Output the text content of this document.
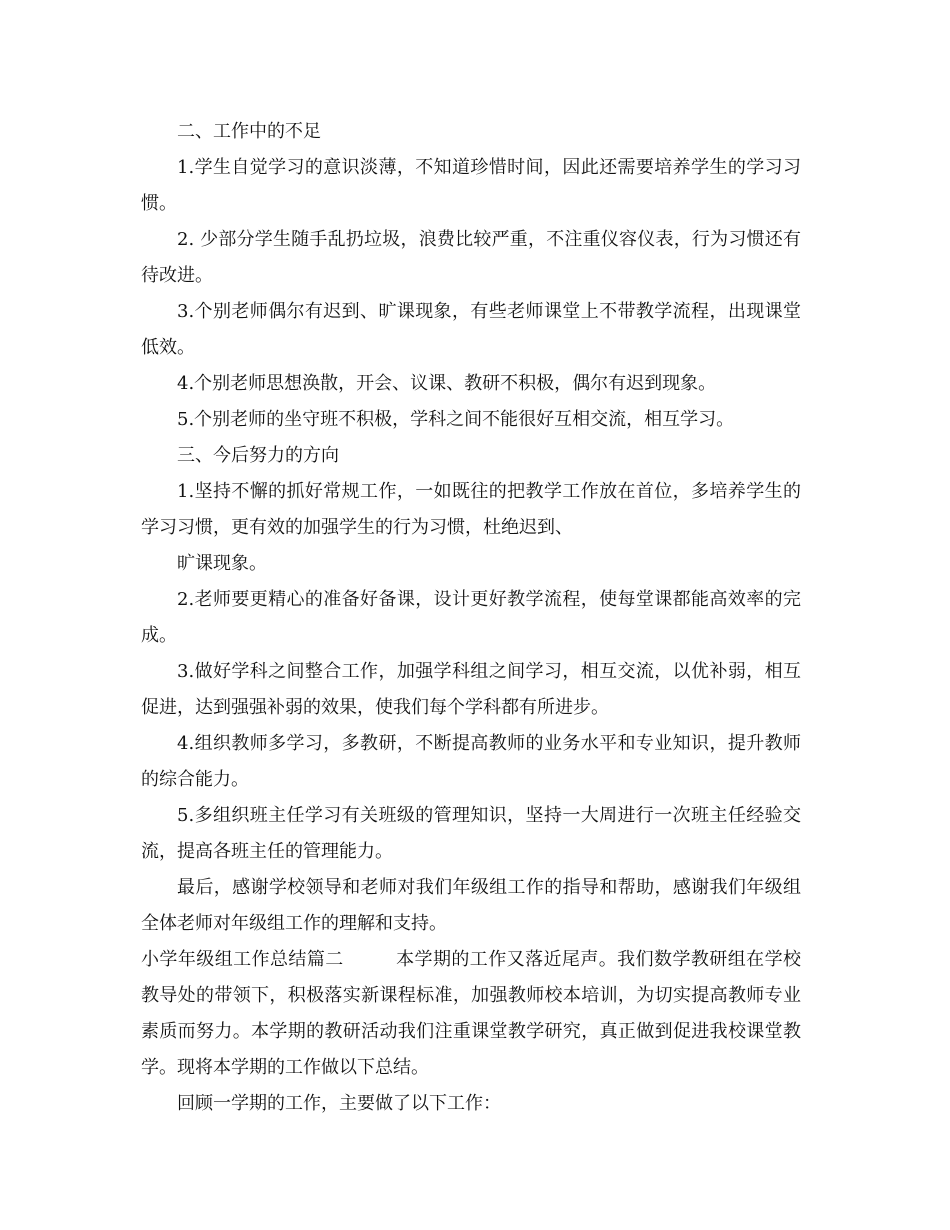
二、工作中的不足

1.学生自觉学习的意识淡薄，不知道珍惜时间，因此还需要培养学生的学习习惯。

2. 少部分学生随手乱扔垃圾，浪费比较严重，不注重仪容仪表，行为习惯还有待改进。

3.个别老师偶尔有迟到、旷课现象，有些老师课堂上不带教学流程，出现课堂低效。

4.个别老师思想涣散，开会、议课、教研不积极，偶尔有迟到现象。

5.个别老师的坐守班不积极，学科之间不能很好互相交流，相互学习。

三、今后努力的方向

1.坚持不懈的抓好常规工作，一如既往的把教学工作放在首位，多培养学生的学习习惯，更有效的加强学生的行为习惯，杜绝迟到、

旷课现象。

2.老师要更精心的准备好备课，设计更好教学流程，使每堂课都能高效率的完成。

3.做好学科之间整合工作，加强学科组之间学习，相互交流，以优补弱，相互促进，达到强强补弱的效果，使我们每个学科都有所进步。

4.组织教师多学习，多教研，不断提高教师的业务水平和专业知识，提升教师的综合能力。

5.多组织班主任学习有关班级的管理知识，坚持一大周进行一次班主任经验交流，提高各班主任的管理能力。

最后，感谢学校领导和老师对我们年级组工作的指导和帮助，感谢我们年级组全体老师对年级组工作的理解和支持。

小学年级组工作总结篇二	本学期的工作又落近尾声。我们数学教研组在学校教导处的带领下，积极落实新课程标准，加强教师校本培训，为切实提高教师专业素质而努力。本学期的教研活动我们注重课堂教学研究，真正做到促进我校课堂教学。现将本学期的工作做以下总结。

回顾一学期的工作，主要做了以下工作：
